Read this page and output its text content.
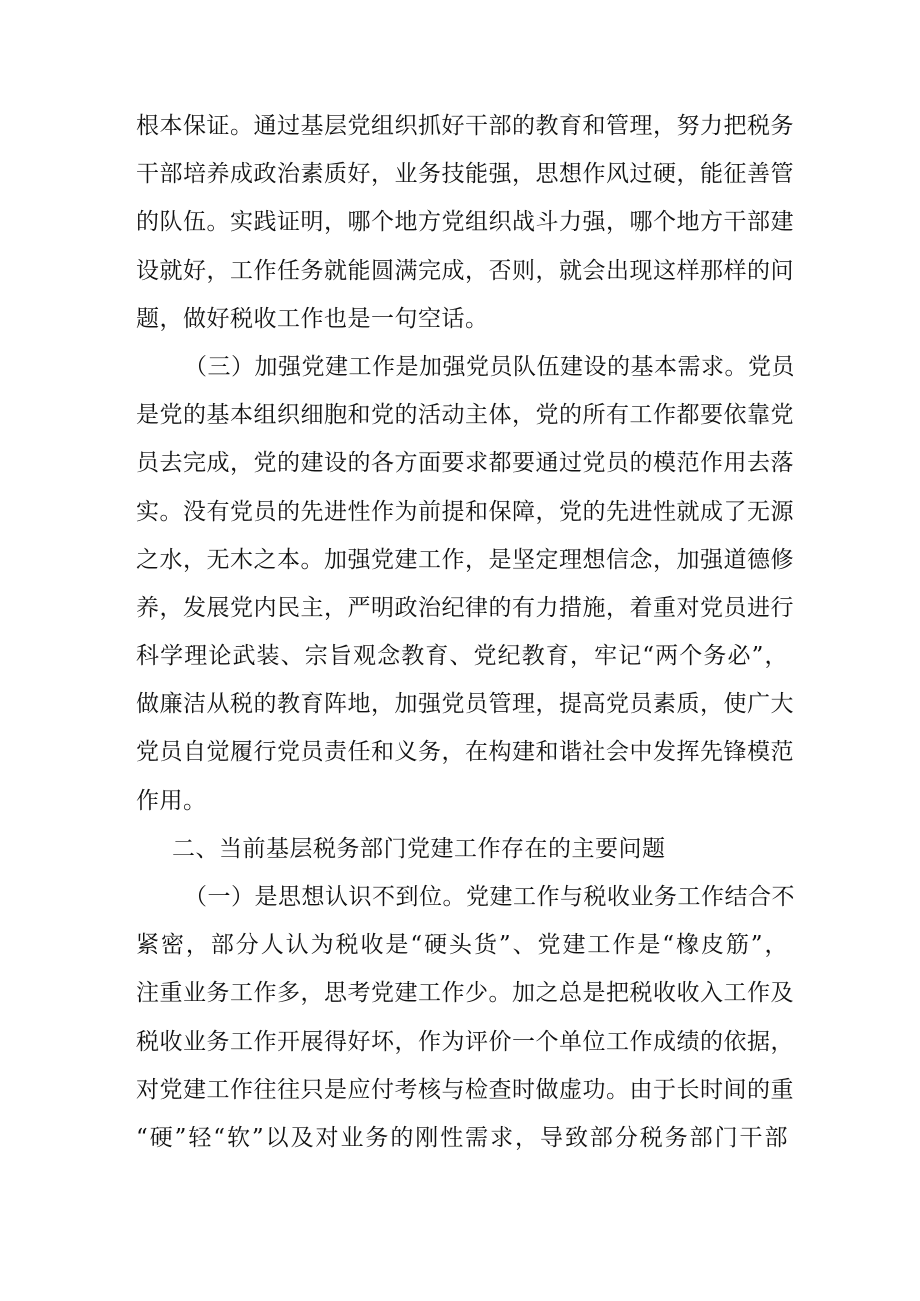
根本保证。通过基层党组织抓好干部的教育和管理，努力把税务
干部培养成政治素质好，业务技能强，思想作风过硬，能征善管
的队伍。实践证明，哪个地方党组织战斗力强，哪个地方干部建
设就好，工作任务就能圆满完成，否则，就会出现这样那样的问
题，做好税收工作也是一句空话。
（三）加强党建工作是加强党员队伍建设的基本需求。党员
是党的基本组织细胞和党的活动主体，党的所有工作都要依靠党
员去完成，党的建设的各方面要求都要通过党员的模范作用去落
实。没有党员的先进性作为前提和保障，党的先进性就成了无源
之水，无木之本。加强党建工作，是坚定理想信念，加强道德修
养，发展党内民主，严明政治纪律的有力措施，着重对党员进行
科学理论武装、宗旨观念教育、党纪教育，牢记“两个务必”，
做廉洁从税的教育阵地，加强党员管理，提高党员素质，使广大
党员自觉履行党员责任和义务，在构建和谐社会中发挥先锋模范
作用。
二、当前基层税务部门党建工作存在的主要问题
（一）是思想认识不到位。党建工作与税收业务工作结合不
紧密，部分人认为税收是“硬头货”、党建工作是“橡皮筋”，
注重业务工作多，思考党建工作少。加之总是把税收收入工作及
税收业务工作开展得好坏，作为评价一个单位工作成绩的依据，
对党建工作往往只是应付考核与检查时做虚功。由于长时间的重
“硬”轻“软”以及对业务的刚性需求，导致部分税务部门干部
